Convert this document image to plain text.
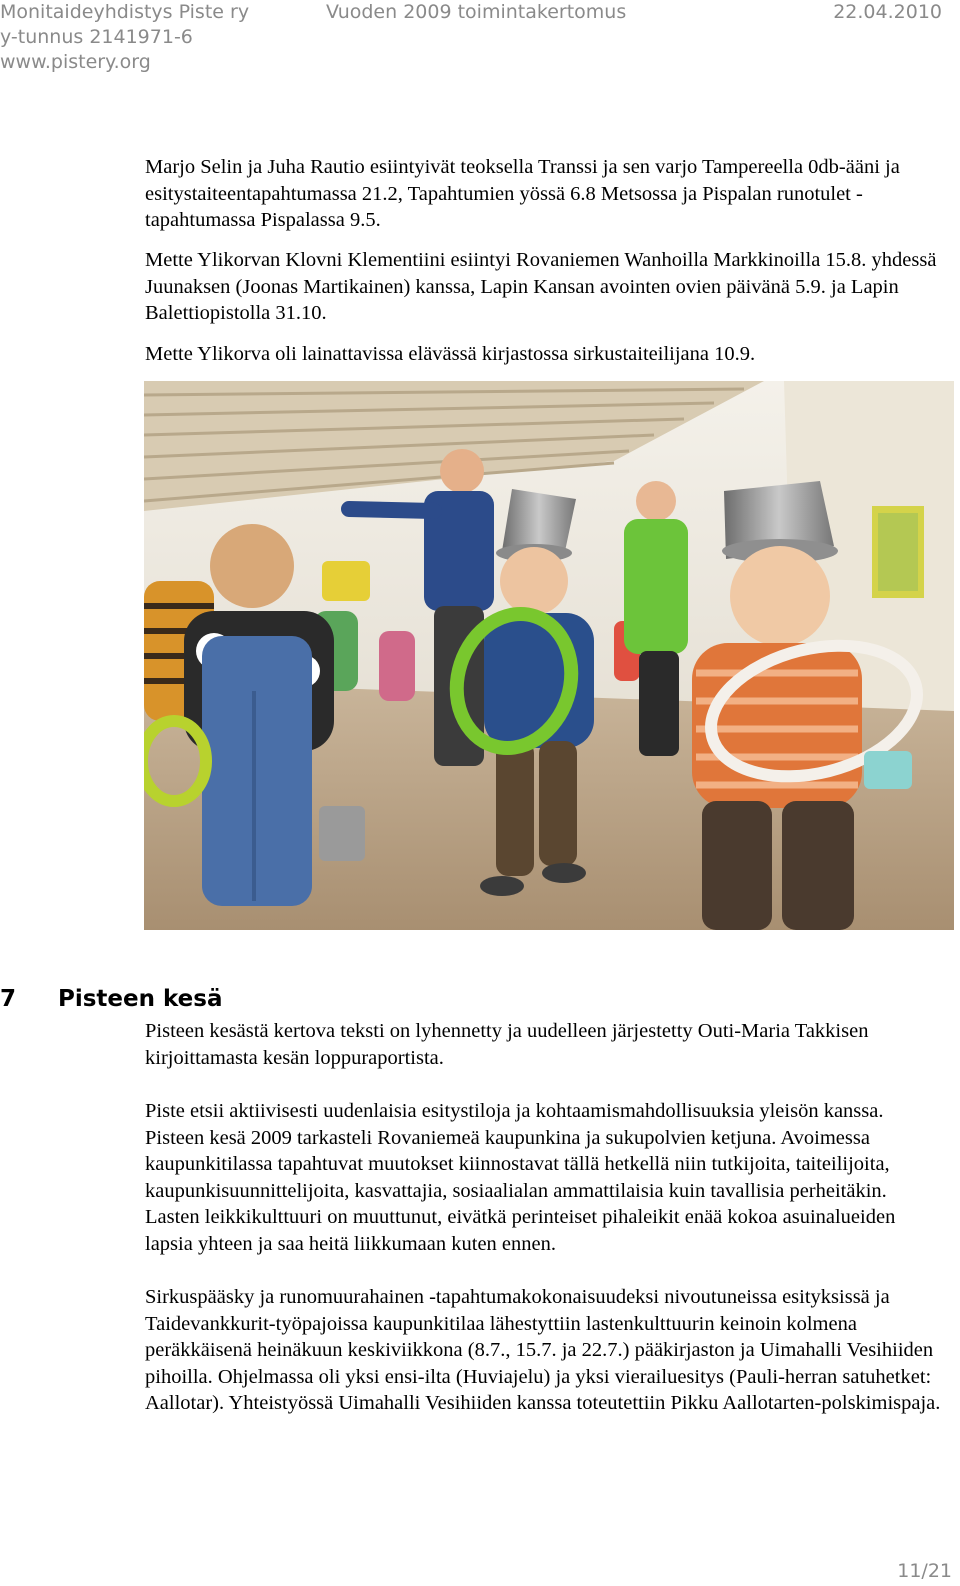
Monitaideyhdistys Piste ry	Vuoden 2009 toimintakertomus	22.04.2010
y-tunnus 2141971-6
www.pistery.org

Marjo Selin ja Juha Rautio esiintyivät teoksella Transsi ja sen varjo Tampereella 0db-ääni ja esitystaiteentapahtumassa 21.2, Tapahtumien yössä 6.8 Metsossa ja Pispalan runotulet -tapahtumassa Pispalassa 9.5.

Mette Ylikorvan Klovni Klementiini esiintyi Rovaniemen Wanhoilla Markkinoilla 15.8. yhdessä Juunaksen (Joonas Martikainen) kanssa, Lapin Kansan avointen ovien päivänä 5.9. ja Lapin Balettiopistolla 31.10.

Mette Ylikorva oli lainattavissa elävässä kirjastossa sirkustaiteilijana 10.9.

7 Pisteen kesä

Pisteen kesästä kertova teksti on lyhennetty ja uudelleen järjestetty Outi-Maria Takkisen kirjoittamasta kesän loppuraportista.

Piste etsii aktiivisesti uudenlaisia esitystiloja ja kohtaamismahdollisuuksia yleisön kanssa. Pisteen kesä 2009 tarkasteli Rovaniemeä kaupunkina ja sukupolvien ketjuna. Avoimessa kaupunkitilassa tapahtuvat muutokset kiinnostavat tällä hetkellä niin tutkijoita, taiteilijoita, kaupunkisuunnittelijoita, kasvattajia, sosiaalialan ammattilaisia kuin tavallisia perheitäkin. Lasten leikkikulttuuri on muuttunut, eivätkä perinteiset pihaleikit enää kokoa asuinalueiden lapsia yhteen ja saa heitä liikkumaan kuten ennen.

Sirkuspääsky ja runomuurahainen -tapahtumakokonaisuudeksi nivoutuneissa esityksissä ja Taidevankkurit-työpajoissa kaupunkitilaa lähestyttiin lastenkulttuurin keinoin kolmena peräkkäisenä heinäkuun keskiviikkona (8.7., 15.7. ja 22.7.) pääkirjaston ja Uimahalli Vesihiiden pihoilla. Ohjelmassa oli yksi ensi-ilta (Huviajelu) ja yksi vierailuesitys (Pauli-herran satuhetket: Aallotar). Yhteistyössä Uimahalli Vesihiiden kanssa toteutettiin Pikku Aallotarten-polskimispaja.

11/21
